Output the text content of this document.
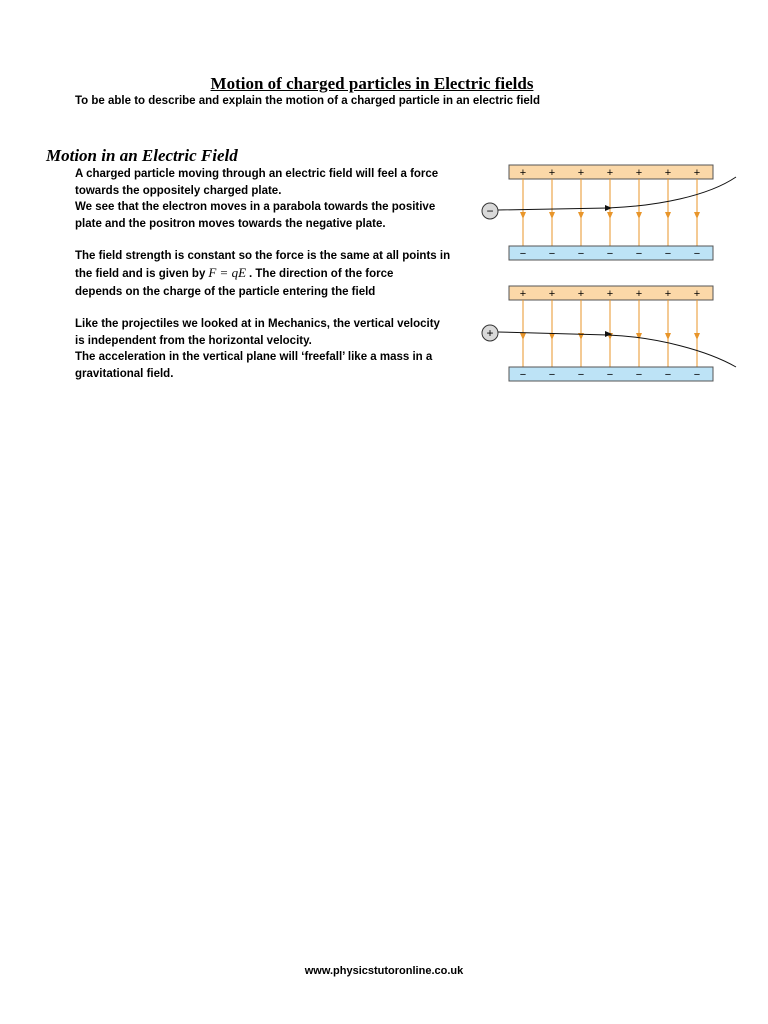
Motion of charged particles in Electric fields

To be able to describe and explain the motion of a charged particle in an electric field

Motion in an Electric Field

A charged particle moving through an electric field will feel a force
towards the oppositely charged plate.
We see that the electron moves in a parabola towards the positive
plate and the positron moves towards the negative plate.

The field strength is constant so the force is the same at all points in
the field and is given by F = qE . The direction of the force
depends on the charge of the particle entering the field

Like the projectiles we looked at in Mechanics, the vertical velocity
is independent from the horizontal velocity.
The acceleration in the vertical plane will ‘freefall’ like a mass in a
gravitational field.

+ + + + + + +
− − − − − − −
−
+ + + + + + +
− − − − − − −
+

www.physicstutoronline.co.uk
